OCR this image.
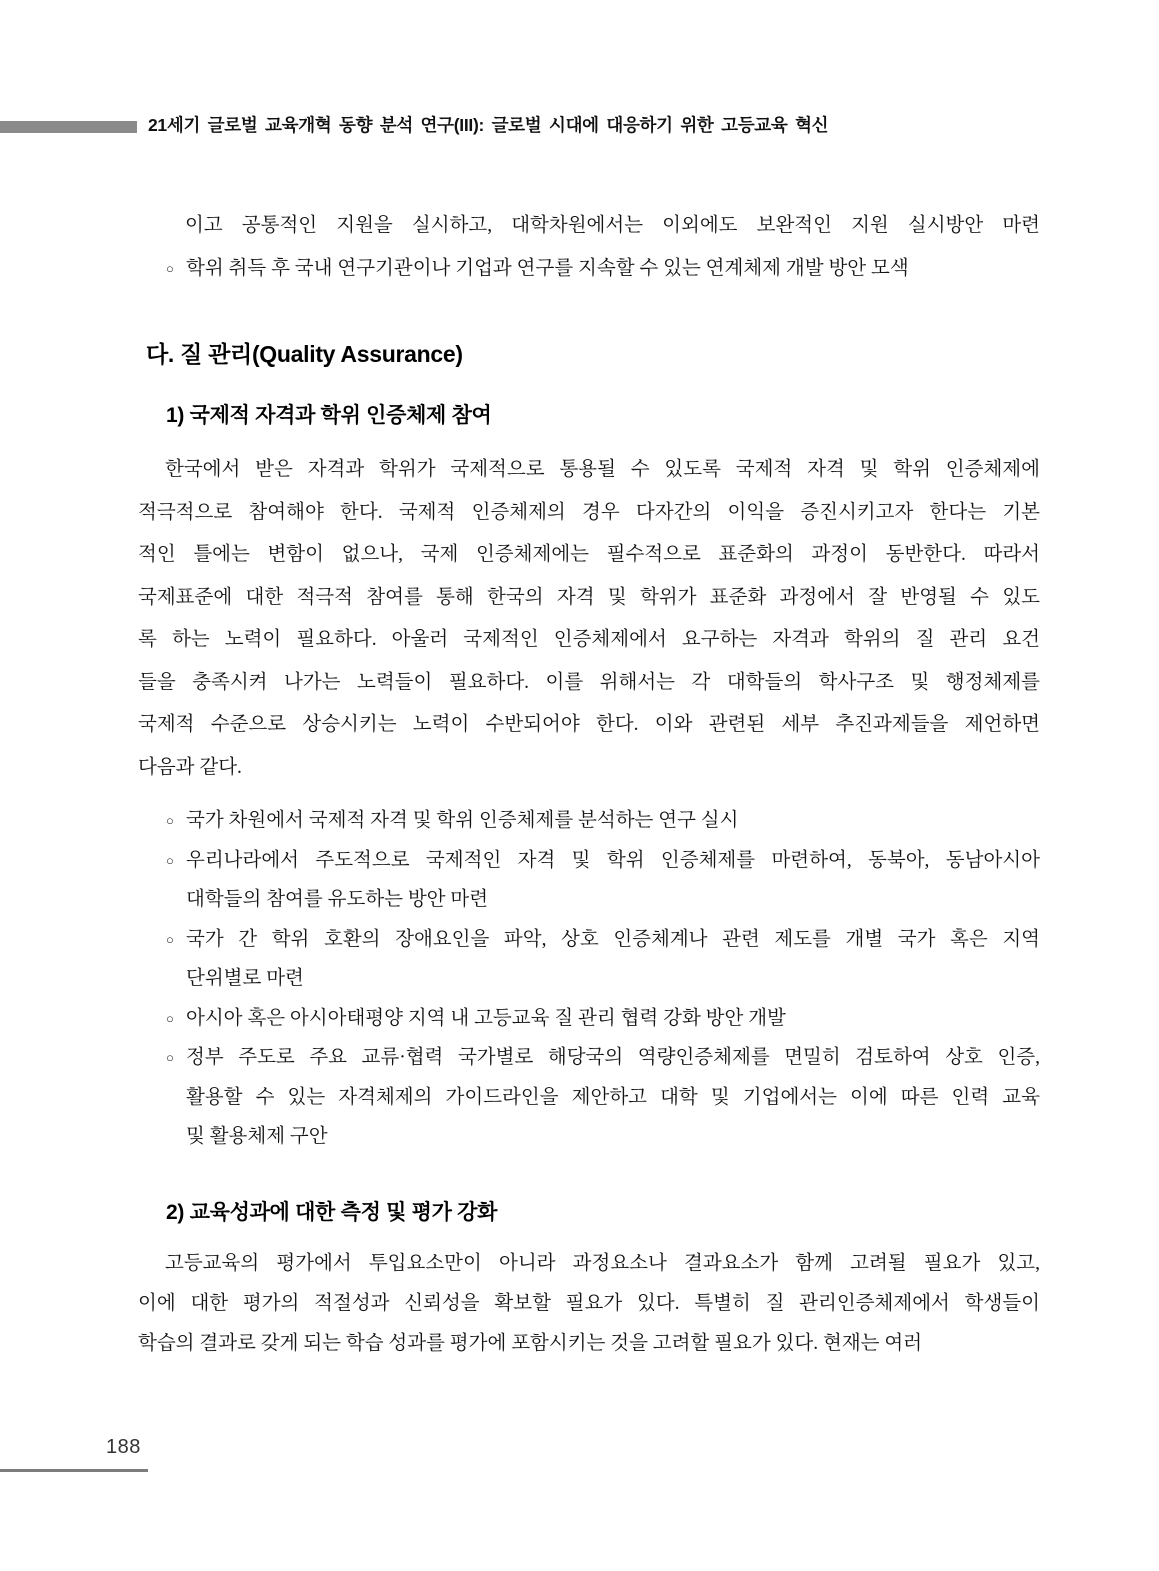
21세기 글로벌 교육개혁 동향 분석 연구(III): 글로벌 시대에 대응하기 위한 고등교육 혁신
이고 공통적인 지원을 실시하고, 대학차원에서는 이외에도 보완적인 지원 실시방안 마련
○ 학위 취득 후 국내 연구기관이나 기업과 연구를 지속할 수 있는 연계체제 개발 방안 모색
다. 질 관리(Quality Assurance)
1) 국제적 자격과 학위 인증체제 참여
한국에서 받은 자격과 학위가 국제적으로 통용될 수 있도록 국제적 자격 및 학위 인증체제에
적극적으로 참여해야 한다. 국제적 인증체제의 경우 다자간의 이익을 증진시키고자 한다는 기본
적인 틀에는 변함이 없으나, 국제 인증체제에는 필수적으로 표준화의 과정이 동반한다. 따라서
국제표준에 대한 적극적 참여를 통해 한국의 자격 및 학위가 표준화 과정에서 잘 반영될 수 있도
록 하는 노력이 필요하다. 아울러 국제적인 인증체제에서 요구하는 자격과 학위의 질 관리 요건
들을 충족시켜 나가는 노력들이 필요하다. 이를 위해서는 각 대학들의 학사구조 및 행정체제를
국제적 수준으로 상승시키는 노력이 수반되어야 한다. 이와 관련된 세부 추진과제들을 제언하면
다음과 같다.
○ 국가 차원에서 국제적 자격 및 학위 인증체제를 분석하는 연구 실시
○ 우리나라에서 주도적으로 국제적인 자격 및 학위 인증체제를 마련하여, 동북아, 동남아시아
대학들의 참여를 유도하는 방안 마련
○ 국가 간 학위 호환의 장애요인을 파악, 상호 인증체계나 관련 제도를 개별 국가 혹은 지역
단위별로 마련
○ 아시아 혹은 아시아태평양 지역 내 고등교육 질 관리 협력 강화 방안 개발
○ 정부 주도로 주요 교류·협력 국가별로 해당국의 역량인증체제를 면밀히 검토하여 상호 인증,
활용할 수 있는 자격체제의 가이드라인을 제안하고 대학 및 기업에서는 이에 따른 인력 교육
및 활용체제 구안
2) 교육성과에 대한 측정 및 평가 강화
고등교육의 평가에서 투입요소만이 아니라 과정요소나 결과요소가 함께 고려될 필요가 있고,
이에 대한 평가의 적절성과 신뢰성을 확보할 필요가 있다. 특별히 질 관리인증체제에서 학생들이
학습의 결과로 갖게 되는 학습 성과를 평가에 포함시키는 것을 고려할 필요가 있다. 현재는 여러
188
